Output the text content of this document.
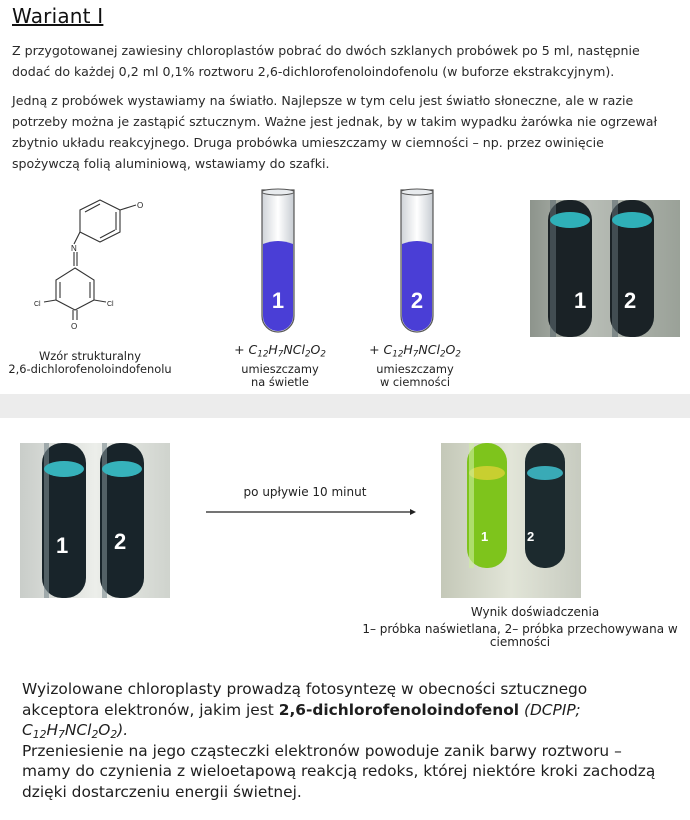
Wariant I

Z przygotowanej zawiesiny chloroplastów pobrać do dwóch szklanych probówek po 5 ml, następnie

dodać do każdej 0,2 ml 0,1% roztworu 2,6-dichlorofenoloindofenolu (w buforze ekstrakcyjnym).

Jedną z probówek wystawiamy na światło. Najlepsze w tym celu jest światło słoneczne, ale w razie

potrzeby można je zastąpić sztucznym. Ważne jest jednak, by w takim wypadku żarówka nie ogrzewał

zbytnio układu reakcyjnego. Druga probówka umieszczamy w ciemności – np. przez owinięcie

spożywczą folią aluminiową, wstawiamy do szafki.

O
N
Cl	Cl
O
Wzór strukturalny
2,6-dichlorofenoloindofenolu
1	2
+ $C_{12}H_7NCl_2O_2$
umieszczamy
na świetle
+ $C_{12}H_7NCl_2O_2$
umieszczamy
w ciemności
1 2
1 2
po upływie 10 minut
1	2
Wynik doświadczenia
1– próbka naświetlana, 2– próbka przechowywana w
ciemności

Wyizolowane chloroplasty prowadzą fotosyntezę w obecności sztucznego

akceptora elektronów, jakim jest 2,6-dichlorofenoloindofenol (DCPIP; $C_{12}H_7NCl_2O_2$).

Przeniesienie na jego cząsteczki elektronów powoduje zanik barwy roztworu –

mamy do czynienia z wieloetapową reakcją redoks, której niektóre kroki zachodzą

dzięki dostarczeniu energii świetnej.
